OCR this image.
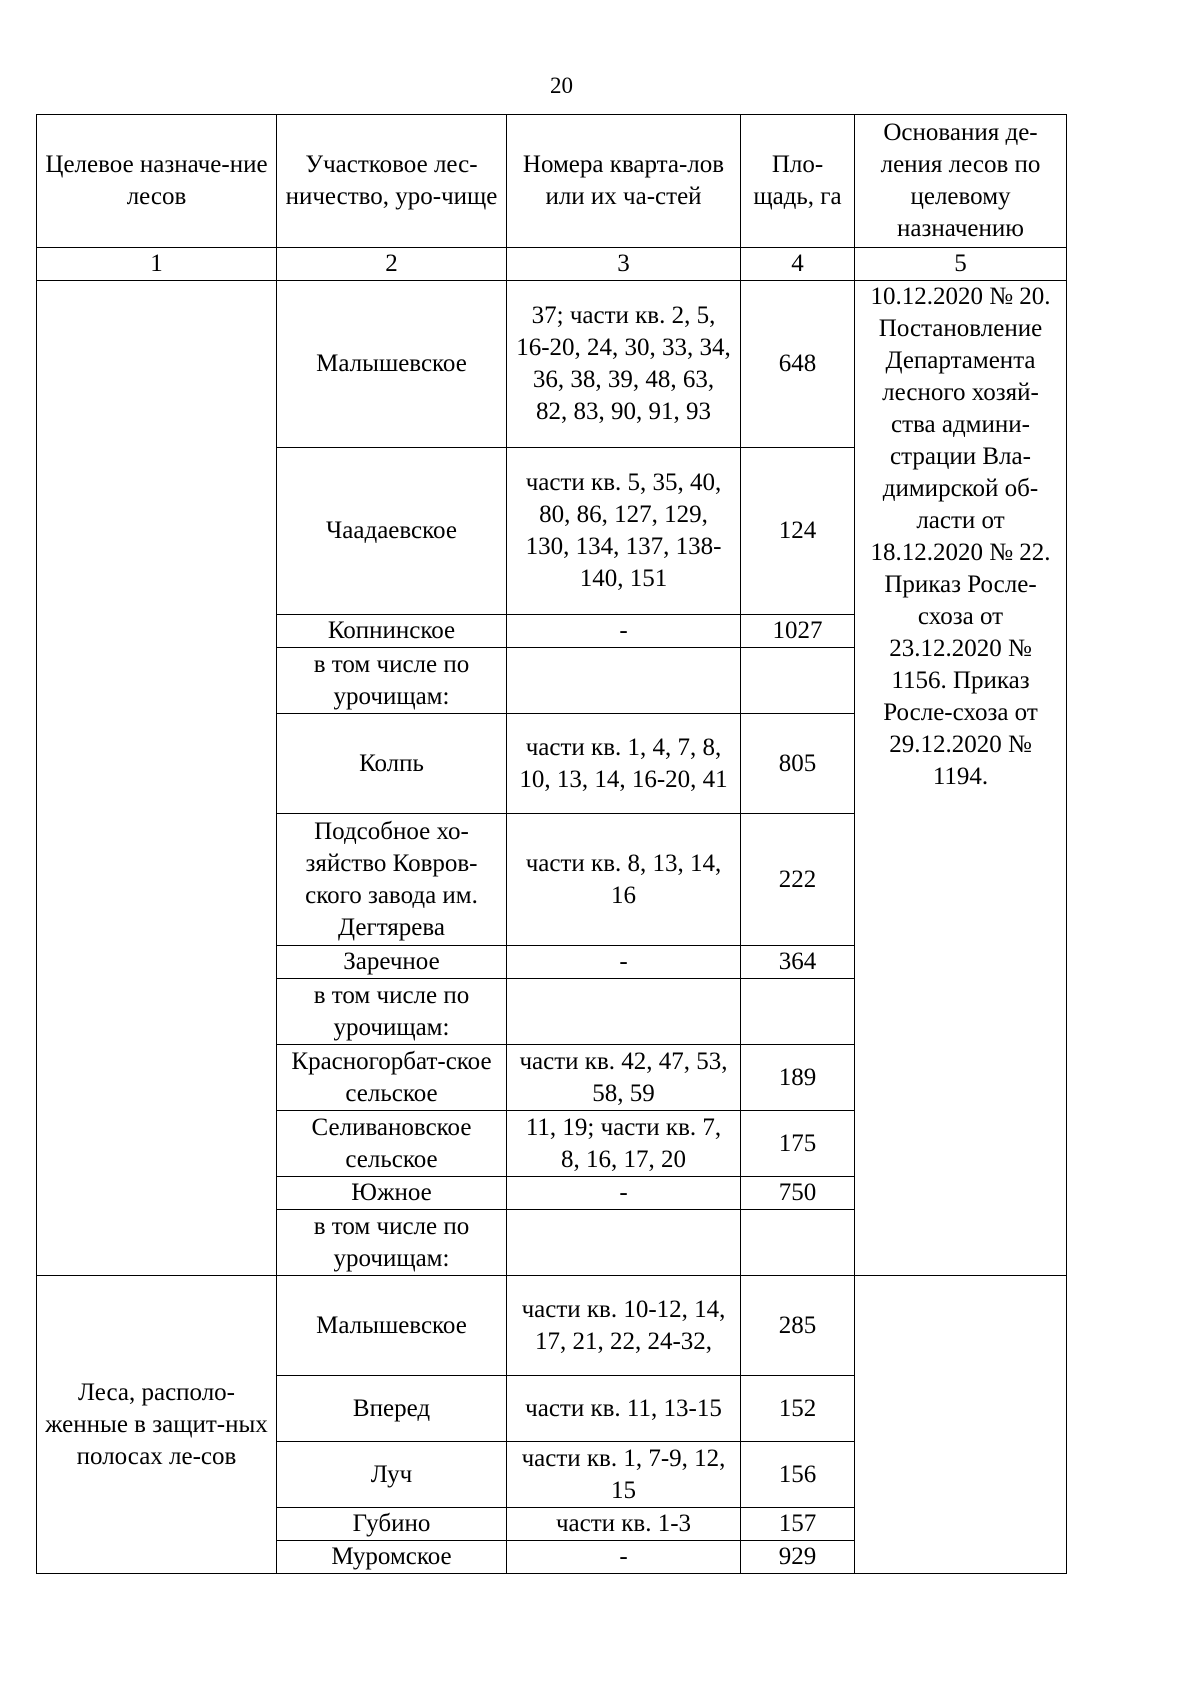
20
Целевое назначе-ние лесов	Участковое лес-ничество, уро-чище	Номера кварта-лов или их ча-стей	Пло-щадь, га	Основания де-ления лесов по целевому назначению
1	2	3	4	5
	Малышевское	37; части кв. 2, 5, 16-20, 24, 30, 33, 34, 36, 38, 39, 48, 63, 82, 83, 90, 91, 93	648	10.12.2020 № 20. Постановление Департамента лесного хозяй-ства админи-страции Вла-димирской об-ласти от 18.12.2020 № 22. Приказ Росле-схоза от 23.12.2020 № 1156. Приказ Росле-схоза от 29.12.2020 № 1194.
	Чаадаевское	части кв. 5, 35, 40, 80, 86, 127, 129, 130, 134, 137, 138-140, 151	124	
	Копнинское	-	1027	
	в том числе по урочищам:			
	Колпь	части кв. 1, 4, 7, 8, 10, 13, 14, 16-20, 41	805	
	Подсобное хо-зяйство Ковров-ского завода им. Дегтярева	части кв. 8, 13, 14, 16	222	
	Заречное	-	364	
	в том числе по урочищам:			
	Красногорбат-ское сельское	части кв. 42, 47, 53, 58, 59	189	
	Селивановское сельское	11, 19; части кв. 7, 8, 16, 17, 20	175	
	Южное	-	750	
	в том числе по урочищам:			
Леса, располо-женные в защит-ных полосах ле-сов	Малышевское	части кв. 10-12, 14, 17, 21, 22, 24-32,	285	
	Вперед	части кв. 11, 13-15	152	
	Луч	части кв. 1, 7-9, 12, 15	156	
	Губино	части кв. 1-3	157	
	Муромское	-	929	
